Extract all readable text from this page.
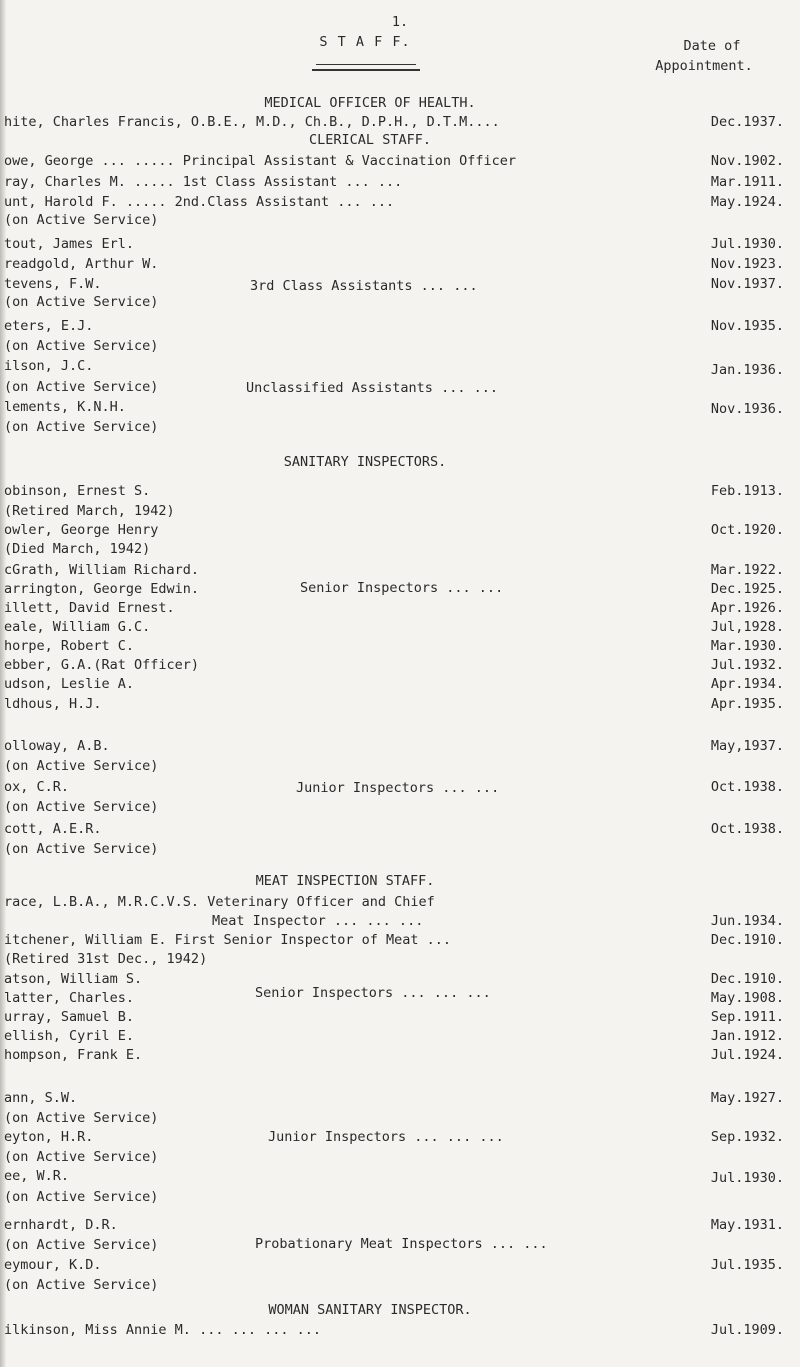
1.
S T A F F.	Date of
Appointment.
MEDICAL OFFICER OF HEALTH.
CLERICAL STAFF.
SANITARY INSPECTORS.
MEAT INSPECTION STAFF.
WOMAN SANITARY INSPECTOR.
3rd Class Assistants ... ...
Unclassified Assistants ... ...
Senior Inspectors ... ...
Junior Inspectors ... ...
Senior Inspectors ... ... ...
Junior Inspectors ... ... ...
Probationary Meat Inspectors ... ...
hite, Charles Francis, O.B.E., M.D., Ch.B., D.P.H., D.T.M....	Dec.1937.
owe, George ... ..... Principal Assistant & Vaccination Officer	Nov.1902.
ray, Charles M. ..... 1st Class Assistant ... ...	Mar.1911.
unt, Harold F. ..... 2nd.Class Assistant ... ...	May.1924.
(on Active Service)
tout, James Erl.	Jul.1930.
readgold, Arthur W.	Nov.1923.
tevens, F.W.	Nov.1937.
(on Active Service)
eters, E.J.	Nov.1935.
(on Active Service)
ilson, J.C.	Jan.1936.
(on Active Service)
lements, K.N.H.	Nov.1936.
(on Active Service)
obinson, Ernest S.	Feb.1913.
(Retired March, 1942)
owler, George Henry	Oct.1920.
(Died March, 1942)
cGrath, William Richard.	Mar.1922.
arrington, George Edwin.	Dec.1925.
illett, David Ernest.	Apr.1926.
eale, William G.C.	Jul,1928.
horpe, Robert C.	Mar.1930.
ebber, G.A.(Rat Officer)	Jul.1932.
udson, Leslie A.	Apr.1934.
ldhous, H.J.	Apr.1935.
olloway, A.B.	May,1937.
(on Active Service)
ox, C.R.	Oct.1938.
(on Active Service)
cott, A.E.R.	Oct.1938.
(on Active Service)
race, L.B.A., M.R.C.V.S. Veterinary Officer and Chief
Meat Inspector ... ... ...	Jun.1934.
itchener, William E. First Senior Inspector of Meat ...	Dec.1910.
(Retired 31st Dec., 1942)
atson, William S.	Dec.1910.
latter, Charles.	May.1908.
urray, Samuel B.	Sep.1911.
ellish, Cyril E.	Jan.1912.
hompson, Frank E.	Jul.1924.
ann, S.W.	May.1927.
(on Active Service)
eyton, H.R.	Sep.1932.
(on Active Service)
ee, W.R.	Jul.1930.
(on Active Service)
ernhardt, D.R.	May.1931.
(on Active Service)
eymour, K.D.	Jul.1935.
(on Active Service)
ilkinson, Miss Annie M. ... ... ... ...	Jul.1909.
